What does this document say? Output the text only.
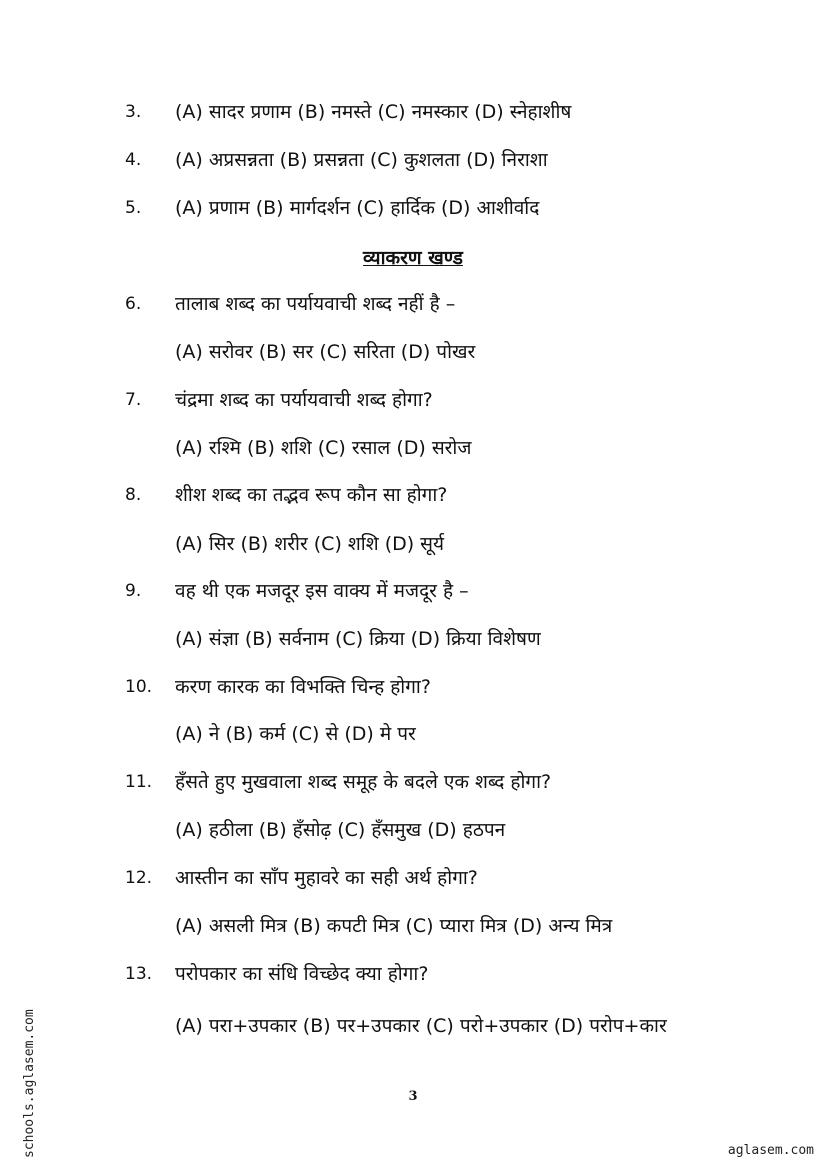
3.	(A) सादर प्रणाम (B) नमस्ते (C) नमस्कार (D) स्नेहाशीष
4.	(A) अप्रसन्नता (B) प्रसन्नता (C) कुशलता (D) निराशा
5.	(A) प्रणाम (B) मार्गदर्शन (C) हार्दिक (D) आशीर्वाद
व्याकरण खण्ड
6.	तालाब शब्द का पर्यायवाची शब्द नहीं है –
(A) सरोवर (B) सर (C) सरिता (D) पोखर
7.	चंद्रमा शब्द का पर्यायवाची शब्द होगा?
(A) रश्मि (B) शशि (C) रसाल (D) सरोज
8.	शीश शब्द का तद्भव रूप कौन सा होगा?
(A) सिर (B) शरीर (C) शशि (D) सूर्य
9.	वह थी एक मजदूर इस वाक्य में मजदूर है –
(A) संज्ञा (B) सर्वनाम (C) क्रिया (D) क्रिया विशेषण
10.	करण कारक का विभक्ति चिन्ह होगा?
(A) ने (B) कर्म (C) से (D) मे पर
11.	हँसते हुए मुखवाला शब्द समूह के बदले एक शब्द होगा?
(A) हठीला (B) हँसोढ़ (C) हँसमुख (D) हठपन
12.	आस्तीन का साँप मुहावरे का सही अर्थ होगा?
(A) असली मित्र (B) कपटी मित्र (C) प्यारा मित्र (D) अन्य मित्र
13.	परोपकार का संधि विच्छेद क्या होगा?
(A) परा+उपकार (B) पर+उपकार (C) परो+उपकार (D) परोप+कार
3
schools.aglasem.com	aglasem.com
